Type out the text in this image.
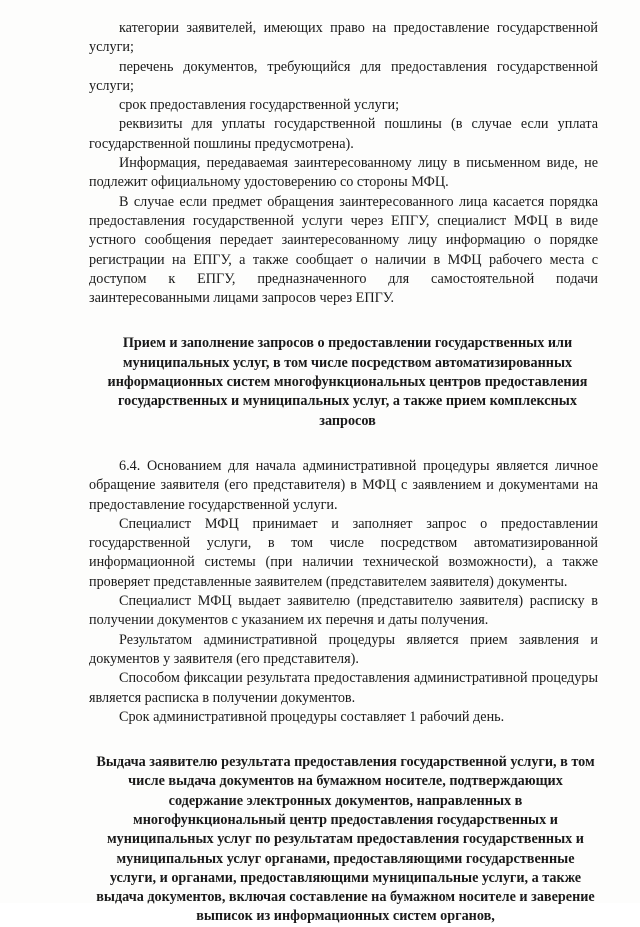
категории заявителей, имеющих право на предоставление государственной услуги;

перечень документов, требующийся для предоставления государственной услуги;

срок предоставления государственной услуги;

реквизиты для уплаты государственной пошлины (в случае если уплата государственной пошлины предусмотрена).

Информация, передаваемая заинтересованному лицу в письменном виде, не подлежит официальному удостоверению со стороны МФЦ.

В случае если предмет обращения заинтересованного лица касается порядка предоставления государственной услуги через ЕПГУ, специалист МФЦ в виде устного сообщения передает заинтересованному лицу информацию о порядке регистрации на ЕПГУ, а также сообщает о наличии в МФЦ рабочего места с доступом к ЕПГУ, предназначенного для самостоятельной подачи заинтересованными лицами запросов через ЕПГУ.

Прием и заполнение запросов о предоставлении государственных или муниципальных услуг, в том числе посредством автоматизированных информационных систем многофункциональных центров предоставления государственных и муниципальных услуг, а также прием комплексных запросов

6.4. Основанием для начала административной процедуры является личное обращение заявителя (его представителя) в МФЦ с заявлением и документами на предоставление государственной услуги.

Специалист МФЦ принимает и заполняет запрос о предоставлении государственной услуги, в том числе посредством автоматизированной информационной системы (при наличии технической возможности), а также проверяет представленные заявителем (представителем заявителя) документы.

Специалист МФЦ выдает заявителю (представителю заявителя) расписку в получении документов с указанием их перечня и даты получения.

Результатом административной процедуры является прием заявления и документов у заявителя (его представителя).

Способом фиксации результата предоставления административной процедуры является расписка в получении документов.

Срок административной процедуры составляет 1 рабочий день.

Выдача заявителю результата предоставления государственной услуги, в том числе выдача документов на бумажном носителе, подтверждающих содержание электронных документов, направленных в многофункциональный центр предоставления государственных и муниципальных услуг по результатам предоставления государственных и муниципальных услуг органами, предоставляющими государственные услуги, и органами, предоставляющими муниципальные услуги, а также выдача документов, включая составление на бумажном носителе и заверение выписок из информационных систем органов,
